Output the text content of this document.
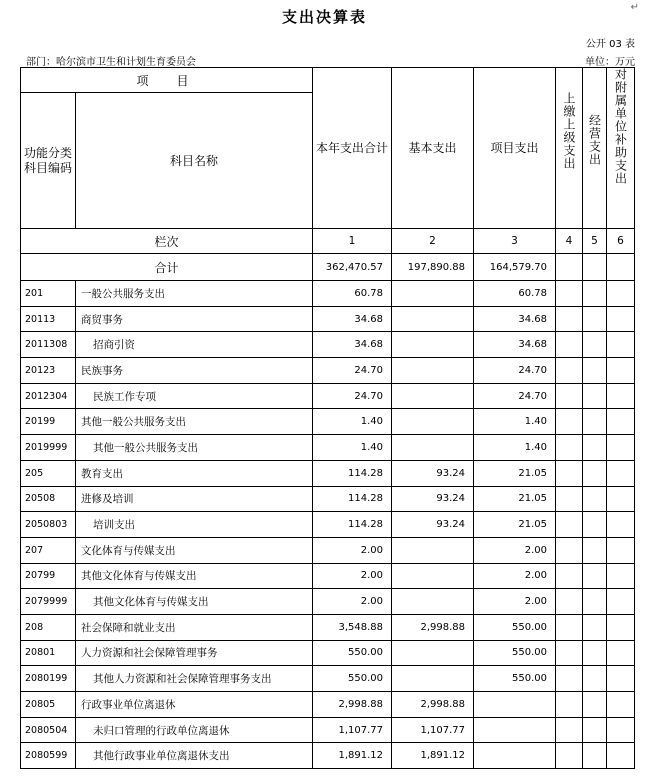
支出决算表
↵
公开 03 表
部门：哈尔滨市卫生和计划生育委员会	单位：万元
项　目		本年支出合计	基本支出	项目支出	上缴上级支出	经营支出	对附属单位补助支出
功能分类科目编码	科目名称						
栏次		1	2	3	4	5	6
合计		362,470.57	197,890.88	164,579.70			
201	一般公共服务支出	60.78		60.78			
20113	商贸事务	34.68		34.68			
2011308	招商引资	34.68		34.68			
20123	民族事务	24.70		24.70			
2012304	民族工作专项	24.70		24.70			
20199	其他一般公共服务支出	1.40		1.40			
2019999	其他一般公共服务支出	1.40		1.40			
205	教育支出	114.28	93.24	21.05			
20508	进修及培训	114.28	93.24	21.05			
2050803	培训支出	114.28	93.24	21.05			
207	文化体育与传媒支出	2.00		2.00			
20799	其他文化体育与传媒支出	2.00		2.00			
2079999	其他文化体育与传媒支出	2.00		2.00			
208	社会保障和就业支出	3,548.88	2,998.88	550.00			
20801	人力资源和社会保障管理事务	550.00		550.00			
2080199	其他人力资源和社会保障管理事务支出	550.00		550.00			
20805	行政事业单位离退休	2,998.88	2,998.88				
2080504	未归口管理的行政单位离退休	1,107.77	1,107.77				
2080599	其他行政事业单位离退休支出	1,891.12	1,891.12				
